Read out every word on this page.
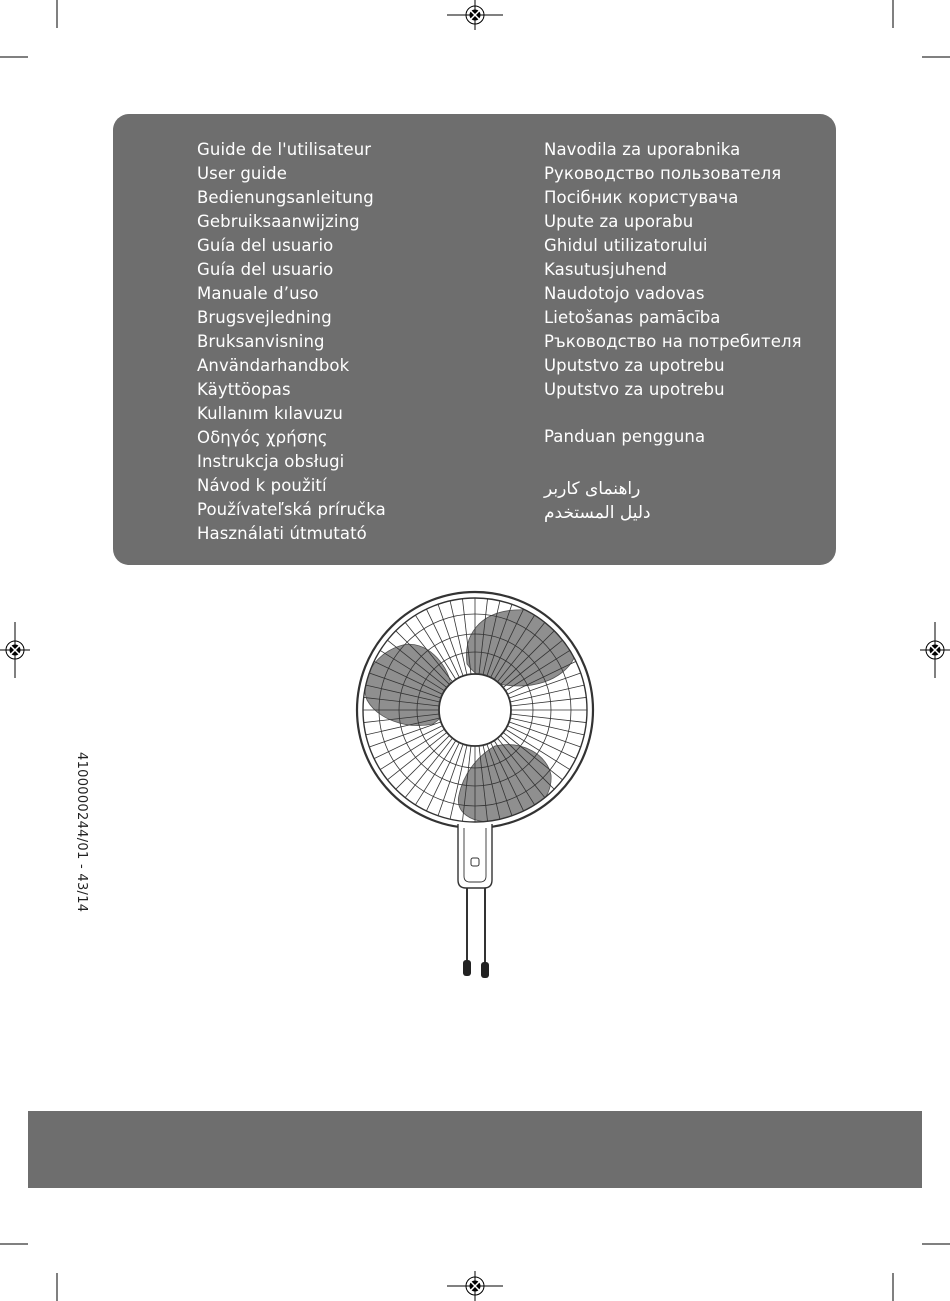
Guide de l'utilisateur
User guide
Bedienungsanleitung
Gebruiksaanwijzing
Guía del usuario
Guía del usuario
Manuale d’uso
Brugsvejledning
Bruksanvisning
Användarhandbok
Käyttöopas
Kullanım kılavuzu
Οδηγός χρήσης
Instrukcja obsługi
Návod k použití
Používateľská príručka
Használati útmutató
Navodila za uporabnika
Руководство пользователя
Посібник користувача
Upute za uporabu
Ghidul utilizatorului
Kasutusjuhend
Naudotojo vadovas
Lietošanas pamācība
Ръководство на потребителя
Uputstvo za upotrebu
Uputstvo za upotrebu
Panduan pengguna
راهنمای کاربر
دليل المستخدم
4100000244/01 - 43/14
